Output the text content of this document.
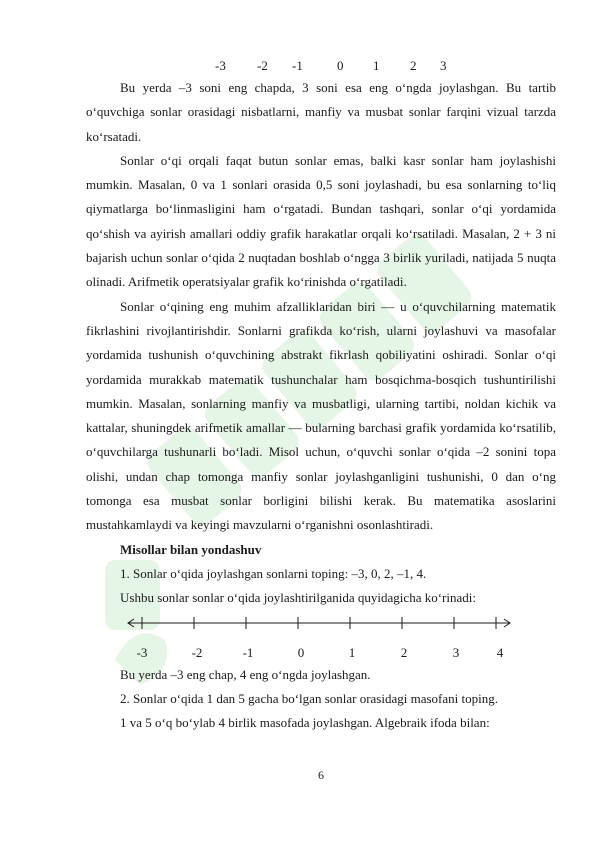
-3 -2 -1	0 1 2 3

Bu yerda –3 soni eng chapda, 3 soni esa eng o‘ngda joylashgan. Bu tartib o‘quvchiga sonlar orasidagi nisbatlarni, manfiy va musbat sonlar farqini vizual tarzda ko‘rsatadi.

Sonlar o‘qi orqali faqat butun sonlar emas, balki kasr sonlar ham joylashishi mumkin. Masalan, 0 va 1 sonlari orasida 0,5 soni joylashadi, bu esa sonlarning to‘liq qiymatlarga bo‘linmasligini ham o‘rgatadi. Bundan tashqari, sonlar o‘qi yordamida qo‘shish va ayirish amallari oddiy grafik harakatlar orqali ko‘rsatiladi. Masalan, 2 + 3 ni bajarish uchun sonlar o‘qida 2 nuqtadan boshlab o‘ngga 3 birlik yuriladi, natijada 5 nuqta olinadi. Arifmetik operatsiyalar grafik ko‘rinishda o‘rgatiladi.

Sonlar o‘qining eng muhim afzalliklaridan biri — u o‘quvchilarning matematik fikrlashini rivojlantirishdir. Sonlarni grafikda ko‘rish, ularni joylashuvi va masofalar yordamida tushunish o‘quvchining abstrakt fikrlash qobiliyatini oshiradi. Sonlar o‘qi yordamida murakkab matematik tushunchalar ham bosqichma-bosqich tushuntirilishi mumkin. Masalan, sonlarning manfiy va musbatligi, ularning tartibi, noldan kichik va kattalar, shuningdek arifmetik amallar — bularning barchasi grafik yordamida ko‘rsatilib, o‘quvchilarga tushunarli bo‘ladi. Misol uchun, o‘quvchi sonlar o‘qida –2 sonini topa olishi, undan chap tomonga manfiy sonlar joylashganligini tushunishi, 0 dan o‘ng tomonga esa musbat sonlar borligini bilishi kerak. Bu matematika asoslarini mustahkamlaydi va keyingi mavzularni o‘rganishni osonlashtiradi.

Misollar bilan yondashuv

1. Sonlar o‘qida joylashgan sonlarni toping: –3, 0, 2, –1, 4.

Ushbu sonlar sonlar o‘qida joylashtirilganida quyidagicha ko‘rinadi:

-3	-2	-1	0	1	2	3	4

Bu yerda –3 eng chap, 4 eng o‘ngda joylashgan.

2. Sonlar o‘qida 1 dan 5 gacha bo‘lgan sonlar orasidagi masofani toping.

1 va 5 o‘q bo‘ylab 4 birlik masofada joylashgan. Algebraik ifoda bilan:

6
